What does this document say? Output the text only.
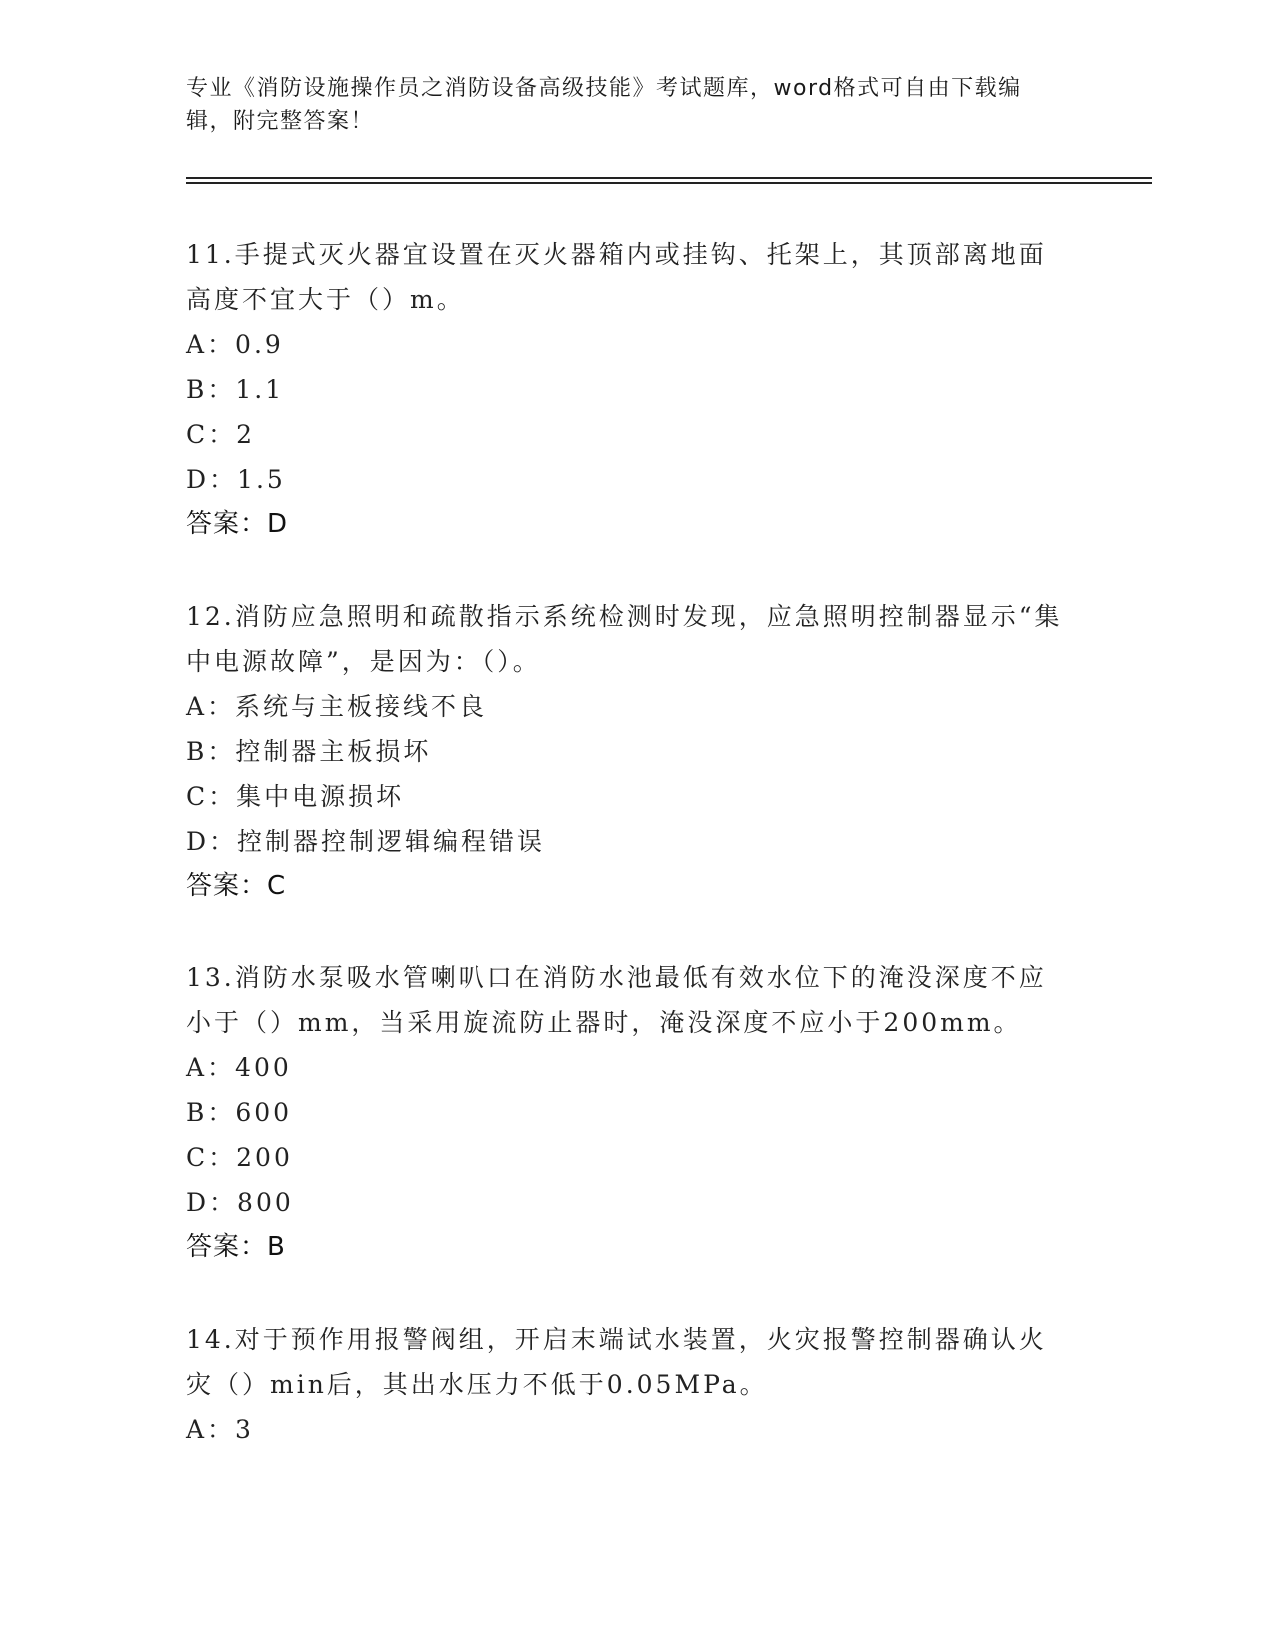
专业《消防设施操作员之消防设备高级技能》考试题库，word格式可自由下载编辑，附完整答案！

11.手提式灭火器宜设置在灭火器箱内或挂钩、托架上，其顶部离地面高度不宜大于（）m。

A：0.9

B：1.1

C：2

D：1.5

答案：D

12.消防应急照明和疏散指示系统检测时发现，应急照明控制器显示“集中电源故障”，是因为：（）。

A：系统与主板接线不良

B：控制器主板损坏

C：集中电源损坏

D：控制器控制逻辑编程错误

答案：C

13.消防水泵吸水管喇叭口在消防水池最低有效水位下的淹没深度不应小于（）mm，当采用旋流防止器时，淹没深度不应小于200mm。

A：400

B：600

C：200

D：800

答案：B

14.对于预作用报警阀组，开启末端试水装置，火灾报警控制器确认火灾（）min后，其出水压力不低于0.05MPa。

A：3
